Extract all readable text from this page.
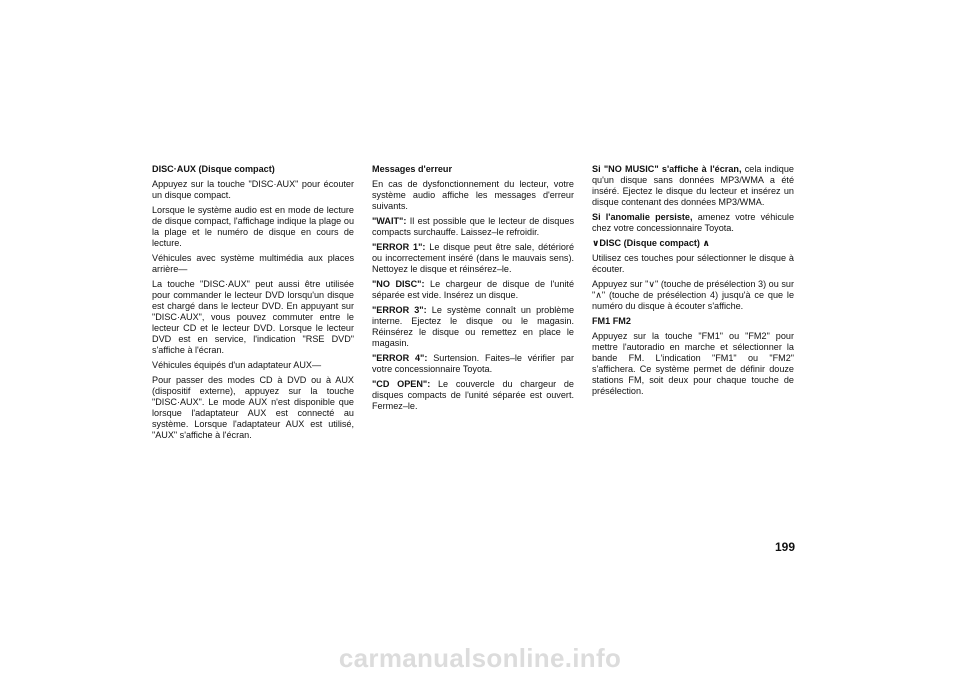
DISC·AUX (Disque compact)

Appuyez sur la touche "DISC·AUX" pour écouter un disque compact.

Lorsque le système audio est en mode de lecture de disque compact, l'affichage indique la plage ou la plage et le numéro de disque en cours de lecture.

Véhicules avec système multimédia aux places arrière—

La touche "DISC·AUX" peut aussi être utilisée pour commander le lecteur DVD lorsqu'un disque est chargé dans le lecteur DVD. En appuyant sur "DISC·AUX", vous pouvez commuter entre le lecteur CD et le lecteur DVD. Lorsque le lecteur DVD est en service, l'indication "RSE DVD" s'affiche à l'écran.

Véhicules équipés d'un adaptateur AUX—

Pour passer des modes CD à DVD ou à AUX (dispositif externe), appuyez sur la touche "DISC·AUX". Le mode AUX n'est disponible que lorsque l'adaptateur AUX est connecté au système. Lorsque l'adaptateur AUX est utilisé, "AUX" s'affiche à l'écran.

Messages d'erreur

En cas de dysfonctionnement du lecteur, votre système audio affiche les messages d'erreur suivants.

"WAIT": Il est possible que le lecteur de disques compacts surchauffe. Laissez–le refroidir.

"ERROR 1": Le disque peut être sale, détérioré ou incorrectement inséré (dans le mauvais sens). Nettoyez le disque et réinsérez–le.

"NO DISC": Le chargeur de disque de l'unité séparée est vide. Insérez un disque.

"ERROR 3": Le système connaît un problème interne. Ejectez le disque ou le magasin. Réinsérez le disque ou remettez en place le magasin.

"ERROR 4": Surtension. Faites–le vérifier par votre concessionnaire Toyota.

"CD OPEN": Le couvercle du chargeur de disques compacts de l'unité séparée est ouvert. Fermez–le.

Si "NO MUSIC" s'affiche à l'écran, cela indique qu'un disque sans données MP3/WMA a été inséré. Ejectez le disque du lecteur et insérez un disque contenant des données MP3/WMA.

Si l'anomalie persiste, amenez votre véhicule chez votre concessionnaire Toyota.

∨DISC (Disque compact) ∧

Utilisez ces touches pour sélectionner le disque à écouter.

Appuyez sur "∨" (touche de présélection 3) ou sur "∧" (touche de présélection 4) jusqu'à ce que le numéro du disque à écouter s'affiche.

FM1 FM2

Appuyez sur la touche "FM1" ou "FM2" pour mettre l'autoradio en marche et sélectionner la bande FM. L'indication "FM1" ou "FM2" s'affichera. Ce système permet de définir douze stations FM, soit deux pour chaque touche de présélection.

199
carmanualsonline.info
